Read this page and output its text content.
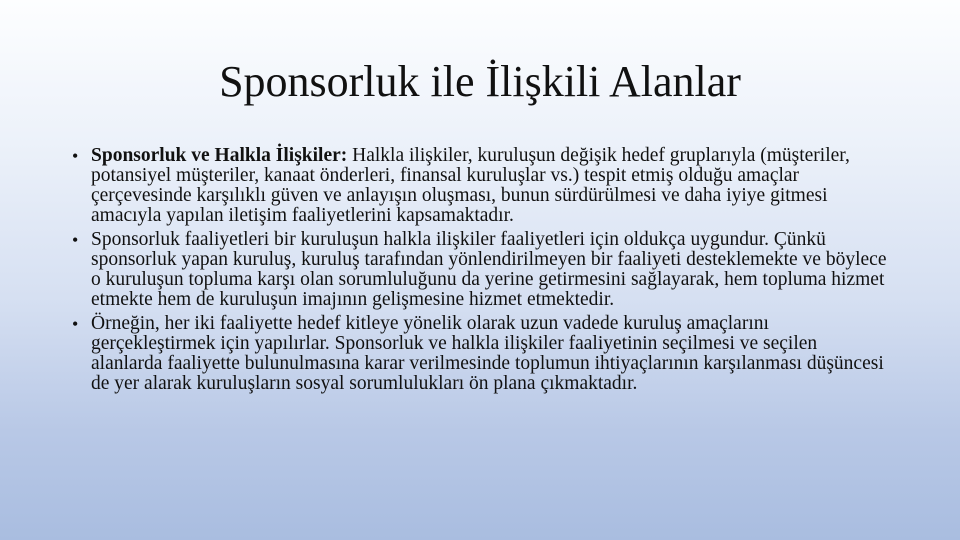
Sponsorluk ile İlişkili Alanlar
• Sponsorluk ve Halkla İlişkiler: Halkla ilişkiler, kuruluşun değişik hedef gruplarıyla (müşteriler, potansiyel müşteriler, kanaat önderleri, finansal kuruluşlar vs.) tespit etmiş olduğu amaçlar çerçevesinde karşılıklı güven ve anlayışın oluşması, bunun sürdürülmesi ve daha iyiye gitmesi amacıyla yapılan iletişim faaliyetlerini kapsamaktadır.
• Sponsorluk faaliyetleri bir kuruluşun halkla ilişkiler faaliyetleri için oldukça uygundur. Çünkü sponsorluk yapan kuruluş, kuruluş tarafından yönlendirilmeyen bir faaliyeti desteklemekte ve böylece o kuruluşun topluma karşı olan sorumluluğunu da yerine getirmesini sağlayarak, hem topluma hizmet etmekte hem de kuruluşun imajının gelişmesine hizmet etmektedir.
• Örneğin, her iki faaliyette hedef kitleye yönelik olarak uzun vadede kuruluş amaçlarını gerçekleştirmek için yapılırlar. Sponsorluk ve halkla ilişkiler faaliyetinin seçilmesi ve seçilen alanlarda faaliyette bulunulmasına karar verilmesinde toplumun ihtiyaçlarının karşılanması düşüncesi de yer alarak kuruluşların sosyal sorumlulukları ön plana çıkmaktadır.
